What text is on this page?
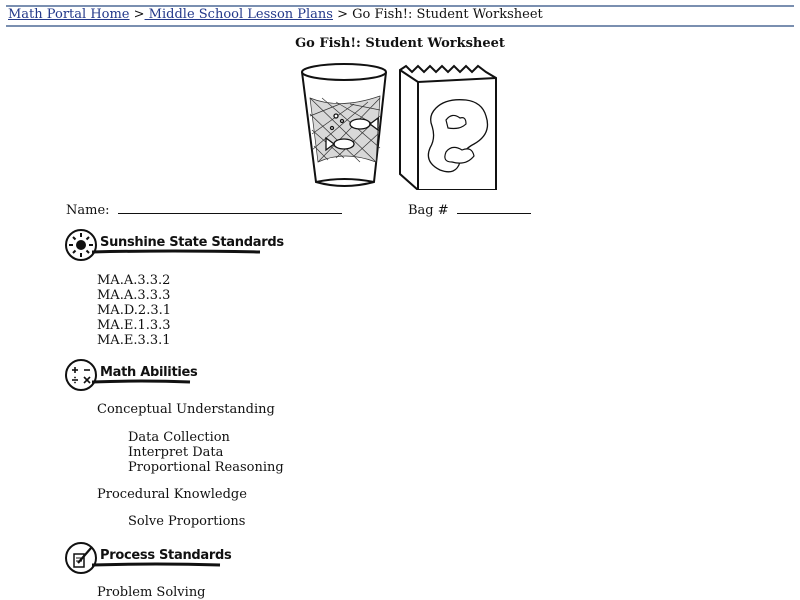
Math Portal Home > Middle School Lesson Plans > Go Fish!: Student Worksheet
Go Fish!: Student Worksheet
Name:	Bag #
Sunshine State Standards
MA.A.3.3.2
MA.A.3.3.3
MA.D.2.3.1
MA.E.1.3.3
MA.E.3.3.1
Math Abilities
Conceptual Understanding
Data Collection
Interpret Data
Proportional Reasoning
Procedural Knowledge
Solve Proportions
Process Standards
Problem Solving
